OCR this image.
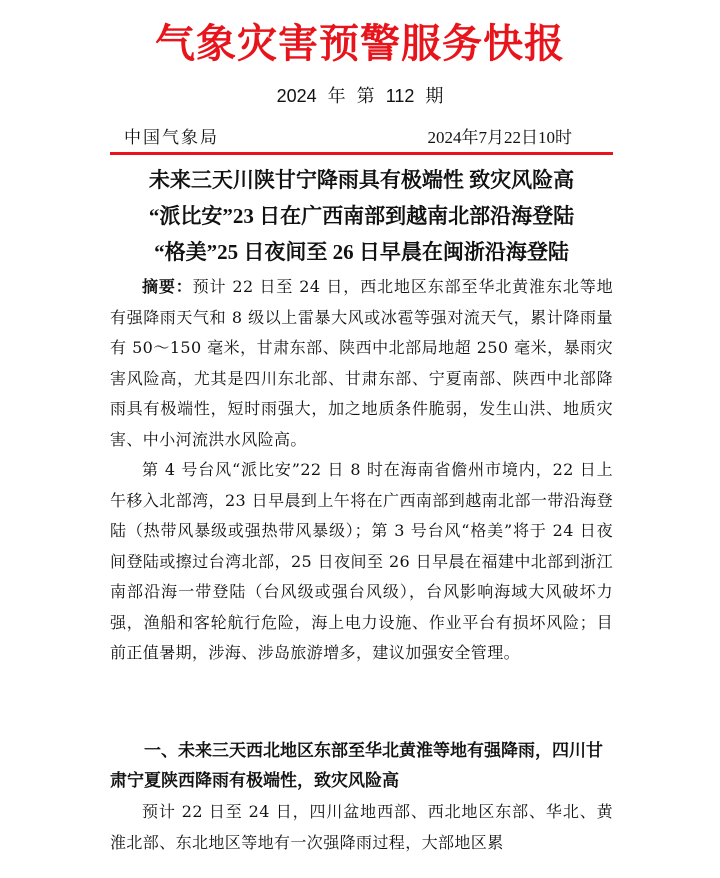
气象灾害预警服务快报
2024 年 第 112 期
中国气象局	2024年7月22日10时
未来三天川陕甘宁降雨具有极端性 致灾风险高
“派比安”23 日在广西南部到越南北部沿海登陆
“格美”25 日夜间至 26 日早晨在闽浙沿海登陆

摘要：预计 22 日至 24 日，西北地区东部至华北黄淮东北等地有强降雨天气和 8 级以上雷暴大风或冰雹等强对流天气，累计降雨量有 50～150 毫米，甘肃东部、陕西中北部局地超 250 毫米，暴雨灾害风险高，尤其是四川东北部、甘肃东部、宁夏南部、陕西中北部降雨具有极端性，短时雨强大，加之地质条件脆弱，发生山洪、地质灾害、中小河流洪水风险高。

第 4 号台风“派比安”22 日 8 时在海南省儋州市境内，22 日上午移入北部湾，23 日早晨到上午将在广西南部到越南北部一带沿海登陆（热带风暴级或强热带风暴级）；第 3 号台风“格美”将于 24 日夜间登陆或擦过台湾北部，25 日夜间至 26 日早晨在福建中北部到浙江南部沿海一带登陆（台风级或强台风级），台风影响海域大风破坏力强，渔船和客轮航行危险，海上电力设施、作业平台有损坏风险；目前正值暑期，涉海、涉岛旅游增多，建议加强安全管理。

一、未来三天西北地区东部至华北黄淮等地有强降雨，四川甘肃宁夏陕西降雨有极端性，致灾风险高
预计 22 日至 24 日，四川盆地西部、西北地区东部、华北、黄淮北部、东北地区等地有一次强降雨过程，大部地区累
